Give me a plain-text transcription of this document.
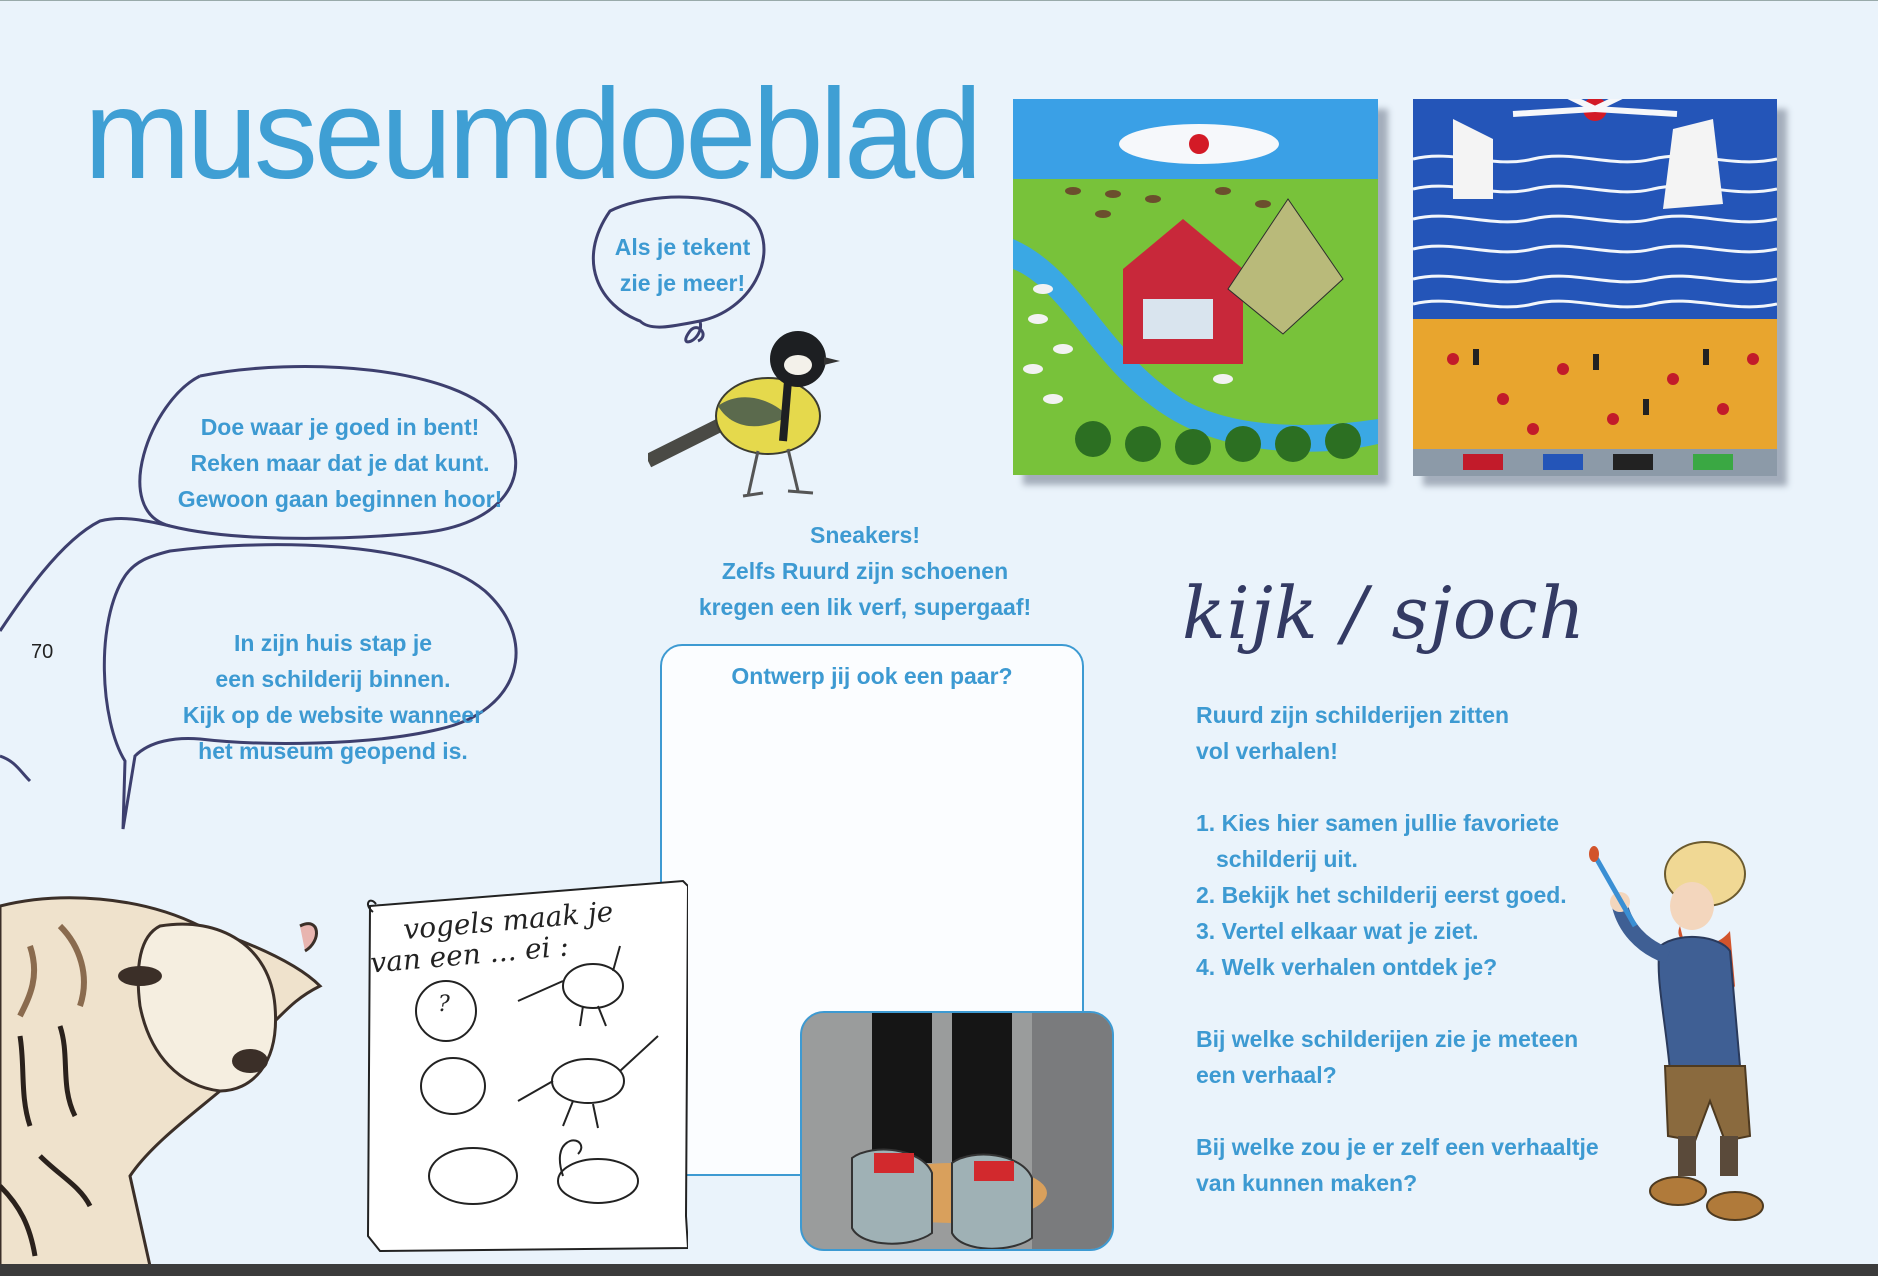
museumdoeblad
70
Doe waar je goed in bent!
Reken maar dat je dat kunt.
Gewoon gaan beginnen hoor!
In zijn huis stap je
een schilderij binnen.
Kijk op de website wanneer
het museum geopend is.
Als je tekent
zie je meer!
Sneakers!
Zelfs Ruurd zijn schoenen
kregen een lik verf, supergaaf!
Ontwerp jij ook een paar?
vogels maak je
van een ... ei :
?
kijk / sjoch
Ruurd zijn schilderijen zitten
vol verhalen!
1. Kies hier samen jullie favoriete
schilderij uit.
2. Bekijk het schilderij eerst goed.
3. Vertel elkaar wat je ziet.
4. Welk verhalen ontdek je?
Bij welke schilderijen zie je meteen
een verhaal?
Bij welke zou je er zelf een verhaaltje
van kunnen maken?
